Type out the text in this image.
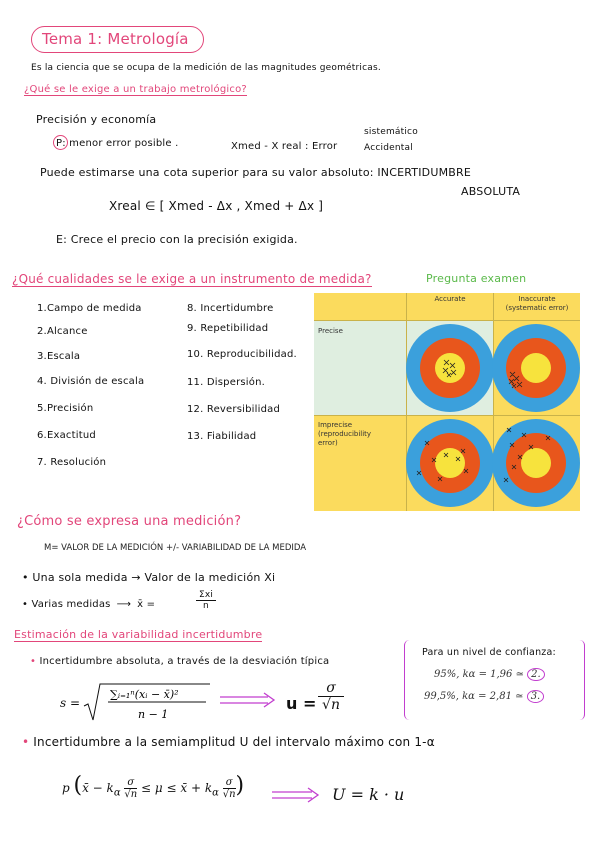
Tema 1: Metrología
Es la ciencia que se ocupa de la medición de las magnitudes geométricas.
¿Qué se le exige a un trabajo metrológico?
Precisión y economía
P: menor error posible .	Xmed - X real : Error
sistemático
Accidental
Puede estimarse una cota superior para su valor absoluto: INCERTIDUMBRE
ABSOLUTA
Xreal ∈ [ Xmed - Δx , Xmed + Δx ]
E: Crece el precio con la precisión exigida.
¿Qué cualidades se le exige a un instrumento de medida?	Pregunta examen
1.Campo de medida
2.Alcance
3.Escala
4. División de escala
5.Precisión
6.Exactitud
7. Resolución
8. Incertidumbre
9. Repetibilidad
10. Reproducibilidad.
11. Dispersión.
12. Reversibilidad
13. Fiabilidad
Accurate	Inaccurate
(systematic error)
Precise
Imprecise
(reproducibility
error)
¿Cómo se expresa una medición?
M= VALOR DE LA MEDICIÓN +/- VARIABILIDAD DE LA MEDIDA
• Una sola medida → Valor de la medición Xi
• Varias medidas ⟶ x̄ =
Σxi
n
Estimación de la variabilidad incertidumbre
• Incertidumbre absoluta, a través de la desviación típica
s =
∑ᵢ₌₁ⁿ(xᵢ − x̄)²
n − 1
u =
σ
√n
Para un nivel de confianza:
95%, kα = 1,96 ≃ 2.
99,5%, kα = 2,81 ≃ 3.
• Incertidumbre a la semiamplitud U del intervalo máximo con 1-α
p (x̄ − $k_\alpha \frac{\sigma}{√n} \le \mu$ ≤ x̄ + $k_\alpha \frac{\sigma}{√n}$ )	U = k · u
